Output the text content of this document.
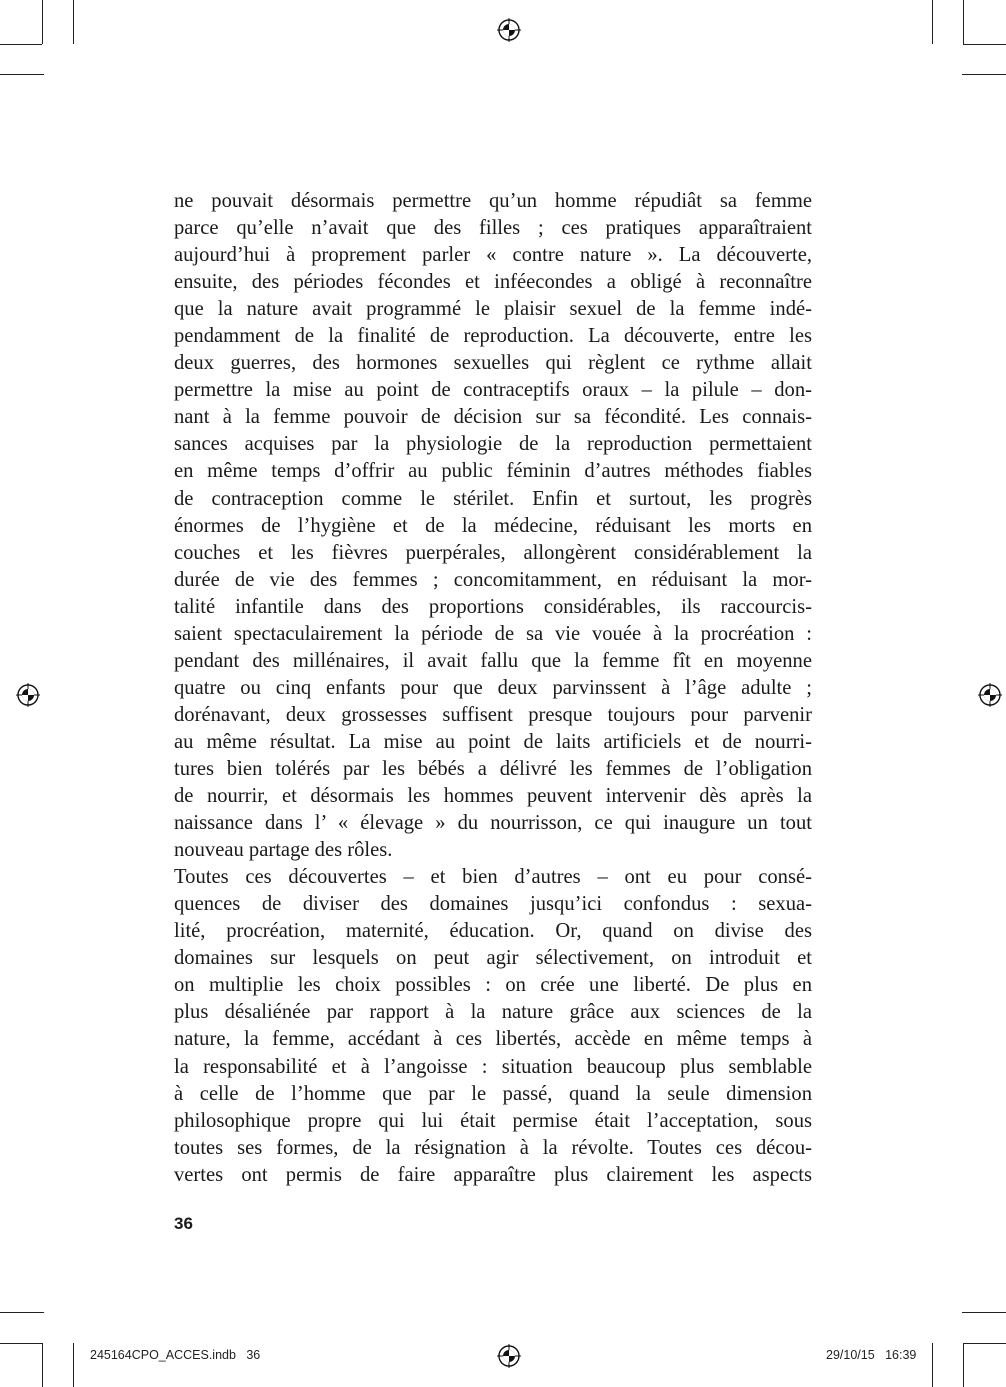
ne pouvait désormais permettre qu’un homme répudiât sa femme
parce qu’elle n’avait que des filles ; ces pratiques apparaîtraient
aujourd’hui à proprement parler « contre nature ». La découverte,
ensuite, des périodes fécondes et inféecondes a obligé à reconnaître
que la nature avait programmé le plaisir sexuel de la femme indé-
pendamment de la finalité de reproduction. La découverte, entre les
deux guerres, des hormones sexuelles qui règlent ce rythme allait
permettre la mise au point de contraceptifs oraux – la pilule – don-
nant à la femme pouvoir de décision sur sa fécondité. Les connais-
sances acquises par la physiologie de la reproduction permettaient
en même temps d’offrir au public féminin d’autres méthodes fiables
de contraception comme le stérilet. Enfin et surtout, les progrès
énormes de l’hygiène et de la médecine, réduisant les morts en
couches et les fièvres puerpérales, allongèrent considérablement la
durée de vie des femmes ; concomitamment, en réduisant la mor-
talité infantile dans des proportions considérables, ils raccourcis-
saient spectaculairement la période de sa vie vouée à la procréation :
pendant des millénaires, il avait fallu que la femme fît en moyenne
quatre ou cinq enfants pour que deux parvinssent à l’âge adulte ;
dorénavant, deux grossesses suffisent presque toujours pour parvenir
au même résultat. La mise au point de laits artificiels et de nourri-
tures bien tolérés par les bébés a délivré les femmes de l’obligation
de nourrir, et désormais les hommes peuvent intervenir dès après la
naissance dans l’ « élevage » du nourrisson, ce qui inaugure un tout
nouveau partage des rôles.
Toutes ces découvertes – et bien d’autres – ont eu pour consé-
quences de diviser des domaines jusqu’ici confondus : sexua-
lité, procréation, maternité, éducation. Or, quand on divise des
domaines sur lesquels on peut agir sélectivement, on introduit et
on multiplie les choix possibles : on crée une liberté. De plus en
plus désaliénée par rapport à la nature grâce aux sciences de la
nature, la femme, accédant à ces libertés, accède en même temps à
la responsabilité et à l’angoisse : situation beaucoup plus semblable
à celle de l’homme que par le passé, quand la seule dimension
philosophique propre qui lui était permise était l’acceptation, sous
toutes ses formes, de la résignation à la révolte. Toutes ces décou-
vertes ont permis de faire apparaître plus clairement les aspects
36
245164CPO_ACCES.indb   36	29/10/15   16:39
